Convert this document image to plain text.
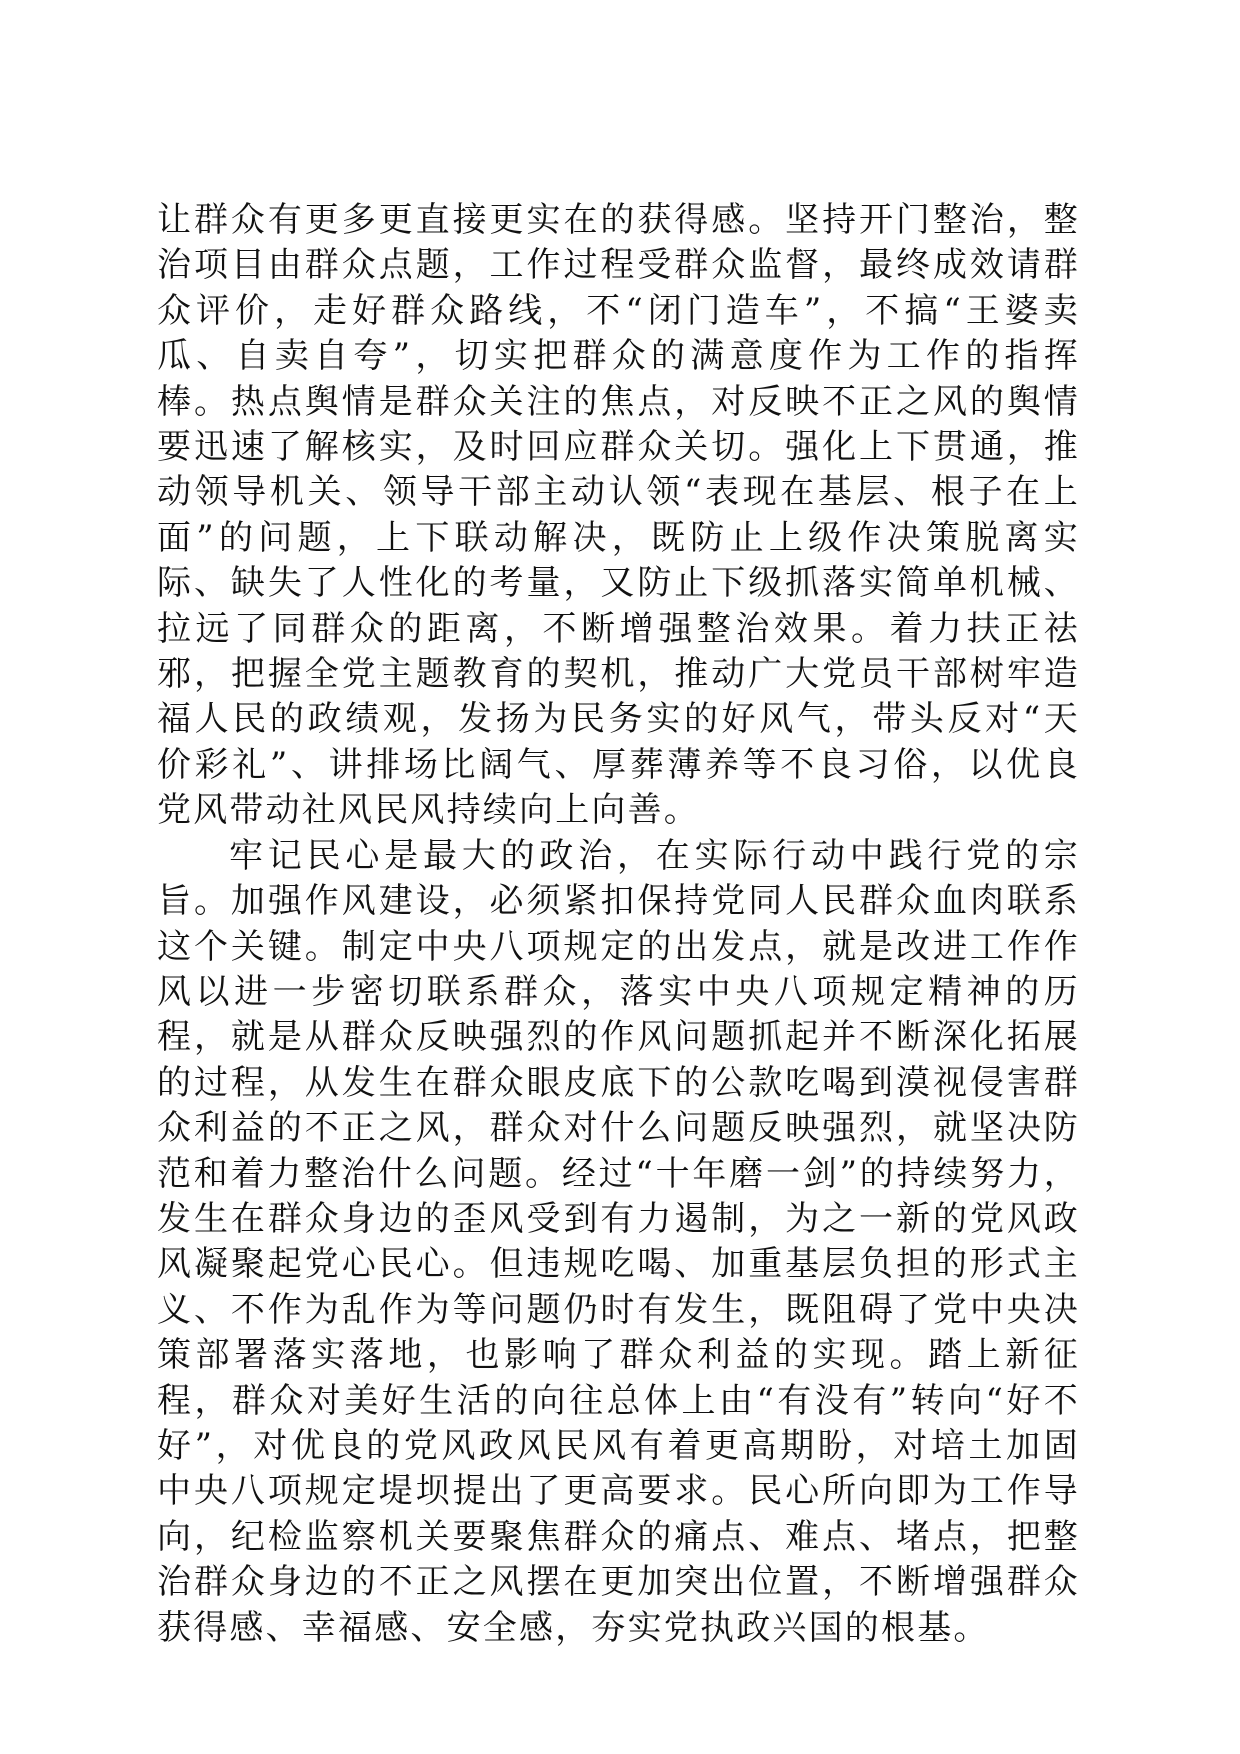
让群众有更多更直接更实在的获得感。坚持开门整治，整治项目由群众点题，工作过程受群众监督，最终成效请群众评价，走好群众路线，不“闭门造车”，不搞“王婆卖瓜、自卖自夸”，切实把群众的满意度作为工作的指挥棒。热点舆情是群众关注的焦点，对反映不正之风的舆情要迅速了解核实，及时回应群众关切。强化上下贯通，推动领导机关、领导干部主动认领“表现在基层、根子在上面”的问题，上下联动解决，既防止上级作决策脱离实际、缺失了人性化的考量，又防止下级抓落实简单机械、拉远了同群众的距离，不断增强整治效果。着力扶正祛邪，把握全党主题教育的契机，推动广大党员干部树牢造福人民的政绩观，发扬为民务实的好风气，带头反对“天价彩礼”、讲排场比阔气、厚葬薄养等不良习俗，以优良党风带动社风民风持续向上向善。

牢记民心是最大的政治，在实际行动中践行党的宗旨。加强作风建设，必须紧扣保持党同人民群众血肉联系这个关键。制定中央八项规定的出发点，就是改进工作作风以进一步密切联系群众，落实中央八项规定精神的历程，就是从群众反映强烈的作风问题抓起并不断深化拓展的过程，从发生在群众眼皮底下的公款吃喝到漠视侵害群众利益的不正之风，群众对什么问题反映强烈，就坚决防范和着力整治什么问题。经过“十年磨一剑”的持续努力，发生在群众身边的歪风受到有力遏制，为之一新的党风政风凝聚起党心民心。但违规吃喝、加重基层负担的形式主义、不作为乱作为等问题仍时有发生，既阻碍了党中央决策部署落实落地，也影响了群众利益的实现。踏上新征程，群众对美好生活的向往总体上由“有没有”转向“好不好”，对优良的党风政风民风有着更高期盼，对培土加固中央八项规定堤坝提出了更高要求。民心所向即为工作导向，纪检监察机关要聚焦群众的痛点、难点、堵点，把整治群众身边的不正之风摆在更加突出位置，不断增强群众获得感、幸福感、安全感，夯实党执政兴国的根基。
